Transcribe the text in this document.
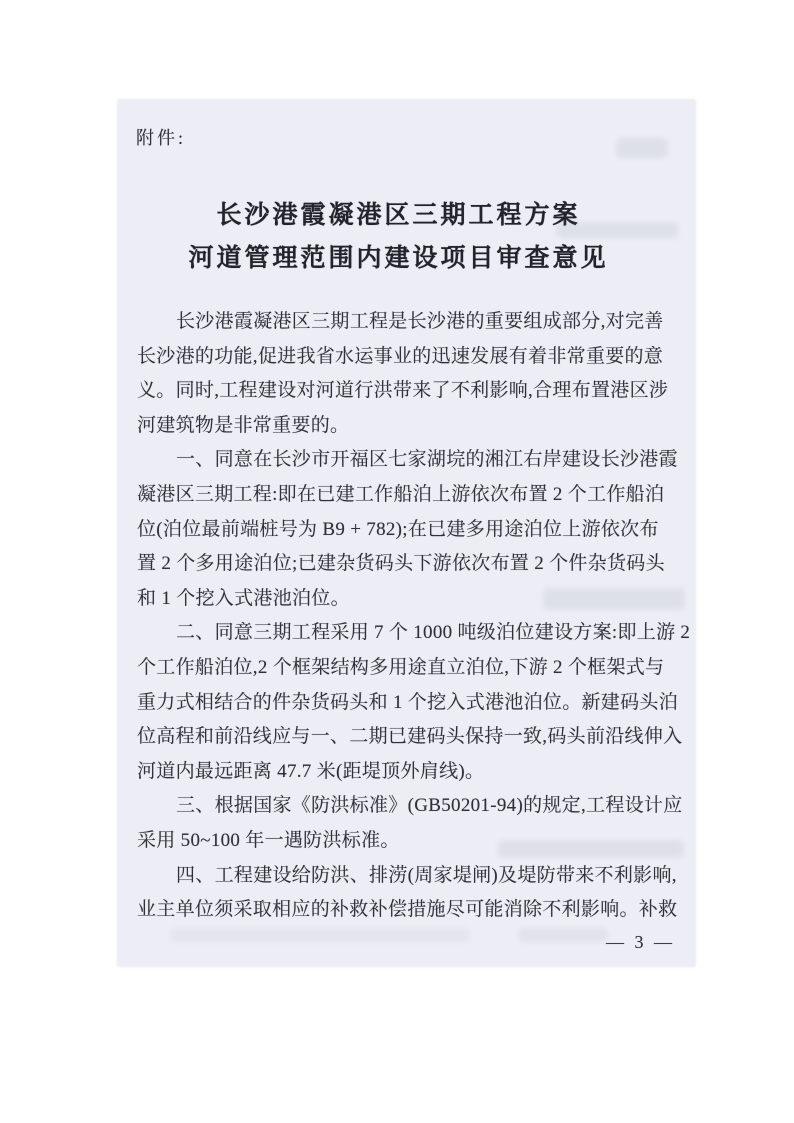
附件:
长沙港霞凝港区三期工程方案
河道管理范围内建设项目审查意见
长沙港霞凝港区三期工程是长沙港的重要组成部分,对完善
长沙港的功能,促进我省水运事业的迅速发展有着非常重要的意
义。同时,工程建设对河道行洪带来了不利影响,合理布置港区涉
河建筑物是非常重要的。
一、同意在长沙市开福区七家湖垸的湘江右岸建设长沙港霞
凝港区三期工程:即在已建工作船泊上游依次布置 2 个工作船泊
位(泊位最前端桩号为 B9 + 782);在已建多用途泊位上游依次布
置 2 个多用途泊位;已建杂货码头下游依次布置 2 个件杂货码头
和 1 个挖入式港池泊位。
二、同意三期工程采用 7 个 1000 吨级泊位建设方案:即上游 2
个工作船泊位,2 个框架结构多用途直立泊位,下游 2 个框架式与
重力式相结合的件杂货码头和 1 个挖入式港池泊位。新建码头泊
位高程和前沿线应与一、二期已建码头保持一致,码头前沿线伸入
河道内最远距离 47.7 米(距堤顶外肩线)。
三、根据国家《防洪标准》(GB50201-94)的规定,工程设计应
采用 50~100 年一遇防洪标准。
四、工程建设给防洪、排涝(周家堤闸)及堤防带来不利影响,
业主单位须采取相应的补救补偿措施尽可能消除不利影响。补救
— 3 —
